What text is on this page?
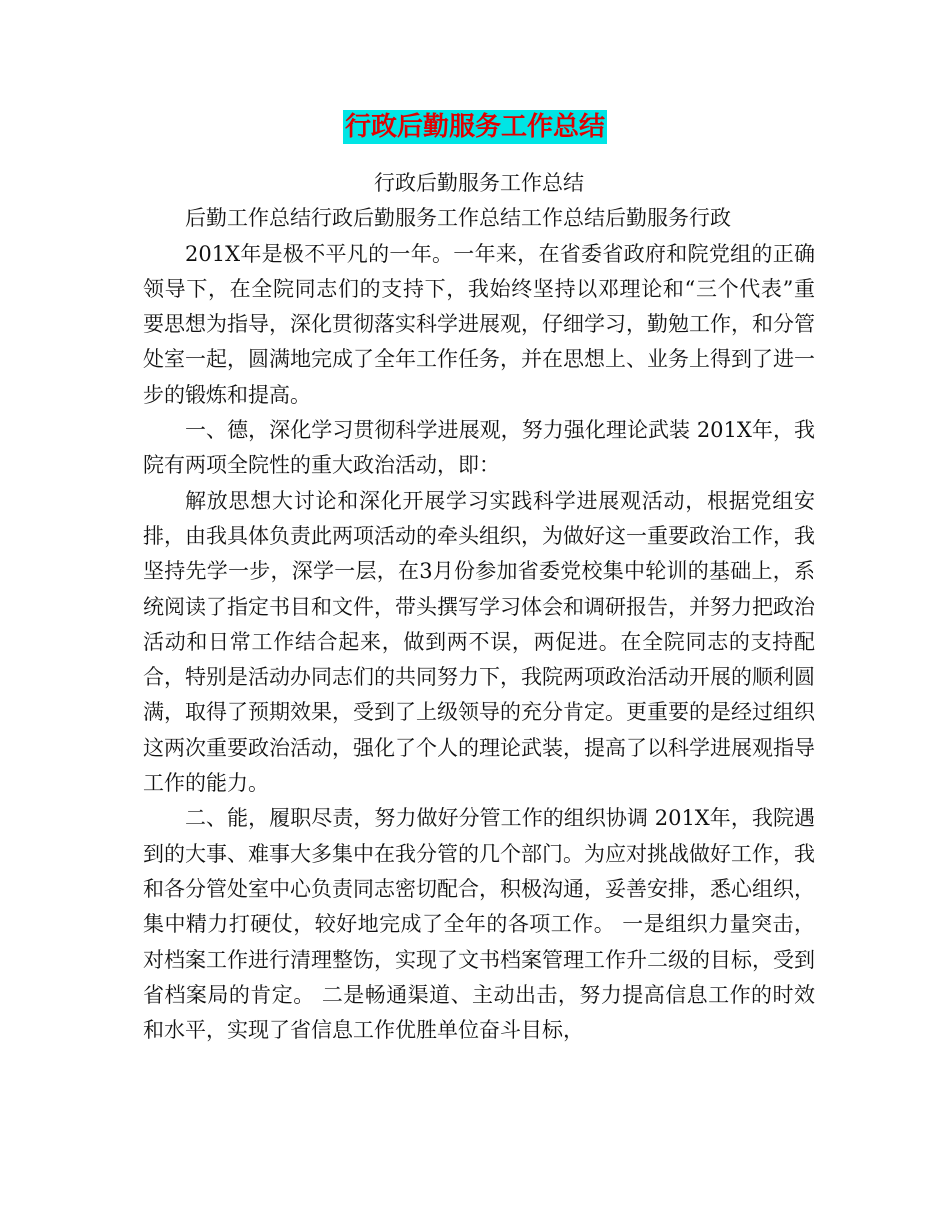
行政后勤服务工作总结

行政后勤服务工作总结

后勤工作总结行政后勤服务工作总结工作总结后勤服务行政

201X年是极不平凡的一年。一年来，在省委省政府和院党组的正确领导下，在全院同志们的支持下，我始终坚持以邓理论和“三个代表”重要思想为指导，深化贯彻落实科学进展观，仔细学习，勤勉工作，和分管处室一起，圆满地完成了全年工作任务，并在思想上、业务上得到了进一步的锻炼和提高。

一、德，深化学习贯彻科学进展观，努力强化理论武装 201X年，我院有两项全院性的重大政治活动，即：

解放思想大讨论和深化开展学习实践科学进展观活动，根据党组安排，由我具体负责此两项活动的牵头组织，为做好这一重要政治工作，我坚持先学一步，深学一层，在3月份参加省委党校集中轮训的基础上，系统阅读了指定书目和文件，带头撰写学习体会和调研报告，并努力把政治活动和日常工作结合起来，做到两不误，两促进。在全院同志的支持配合，特别是活动办同志们的共同努力下，我院两项政治活动开展的顺利圆满，取得了预期效果，受到了上级领导的充分肯定。更重要的是经过组织这两次重要政治活动，强化了个人的理论武装，提高了以科学进展观指导工作的能力。

二、能，履职尽责，努力做好分管工作的组织协调 201X年，我院遇到的大事、难事大多集中在我分管的几个部门。为应对挑战做好工作，我和各分管处室中心负责同志密切配合，积极沟通，妥善安排，悉心组织，集中精力打硬仗，较好地完成了全年的各项工作。 一是组织力量突击，对档案工作进行清理整饬，实现了文书档案管理工作升二级的目标，受到省档案局的肯定。 二是畅通渠道、主动出击，努力提高信息工作的时效和水平，实现了省信息工作优胜单位奋斗目标，
